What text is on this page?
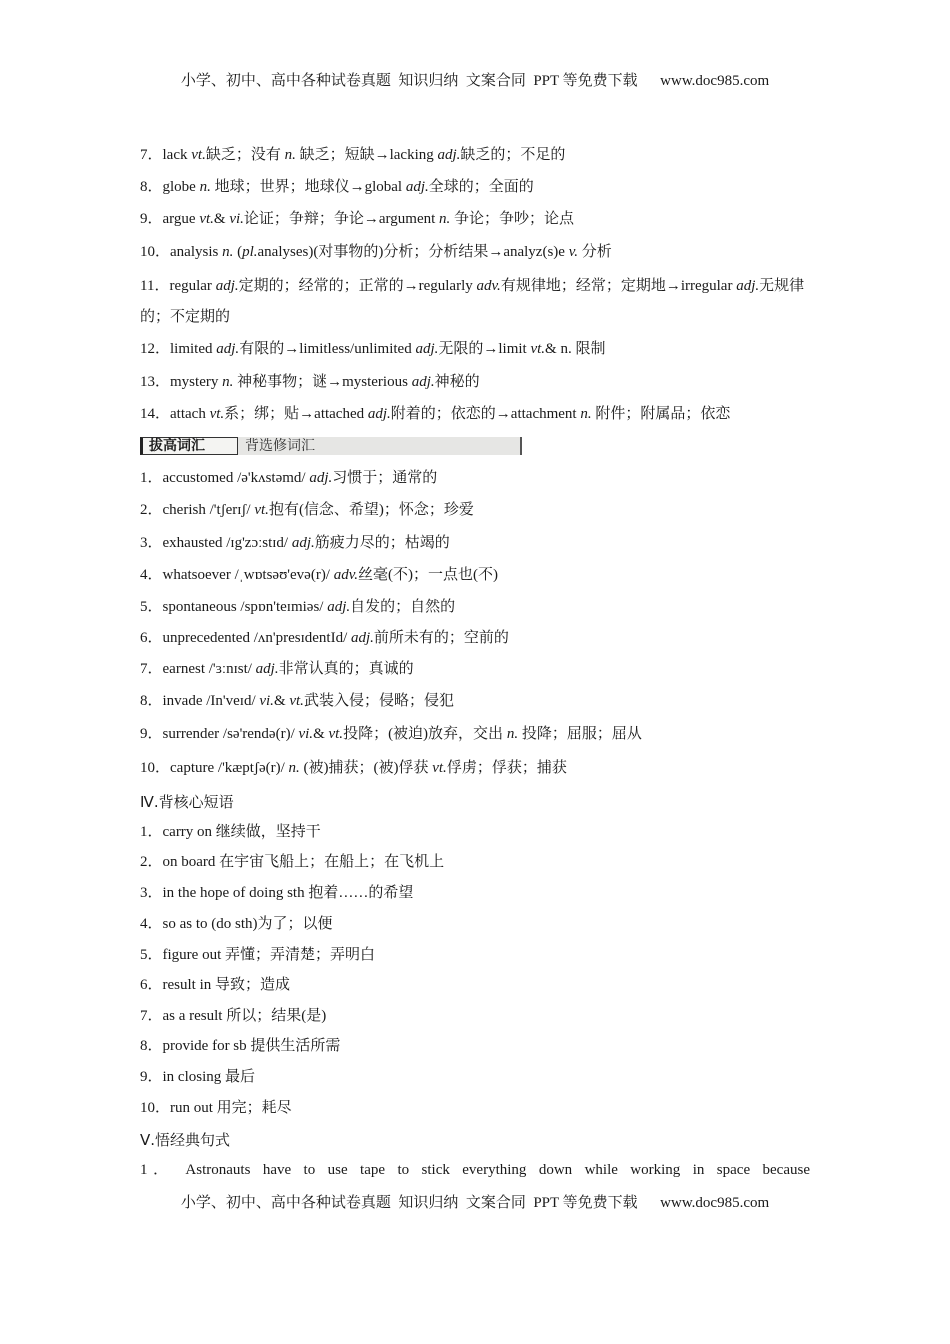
小学、初中、高中各种试卷真题  知识归纳  文案合同  PPT 等免费下载      www.doc985.com
7．lack vt.缺乏；没有 n. 缺乏；短缺→lacking adj.缺乏的；不足的
8．globe n. 地球；世界；地球仪→global adj.全球的；全面的
9．argue vt.& vi.论证；争辩；争论→argument n. 争论；争吵；论点
10．analysis n. (pl.analyses)(对事物的)分析；分析结果→analyz(s)e v. 分析
11．regular adj.定期的；经常的；正常的→regularly adv.有规律地；经常；定期地→irregular adj.无规律的；不定期的
12．limited adj.有限的→limitless/unlimited adj.无限的→limit vt.& n. 限制
13．mystery n. 神秘事物；谜→mysterious adj.神秘的
14．attach vt.系；绑；贴→attached adj.附着的；依恋的→attachment n. 附件；附属品；依恋
拔高词汇	背选修词汇
1．accustomed /ə'kʌstəmd/ adj.习惯于；通常的
2．cherish /'tʃerɪʃ/ vt.抱有(信念、希望)；怀念；珍爱
3．exhausted /ɪg'zɔːstɪd/ adj.筋疲力尽的；枯竭的
4．whatsoever /ˌwɒtsəʊ'evə(r)/ adv.丝毫(不)；一点也(不)
5．spontaneous /spɒn'teɪmiəs/ adj.自发的；自然的
6．unprecedented /ʌn'presɪdentId/ adj.前所未有的；空前的
7．earnest /'ɜːnɪst/ adj.非常认真的；真诚的
8．invade /In'veɪd/ vi.& vt.武装入侵；侵略；侵犯
9．surrender /sə'rendə(r)/ vi.& vt.投降；(被迫)放弃，交出 n. 投降；屈服；屈从
10．capture /'kæptʃə(r)/ n. (被)捕获；(被)俘获 vt.俘虏；俘获；捕获
Ⅳ.背核心短语
1．carry on 继续做，坚持干
2．on board 在宇宙飞船上；在船上；在飞机上
3．in the hope of doing sth 抱着……的希望
4．so as to (do sth)为了；以便
5．figure out 弄懂；弄清楚；弄明白
6．result in 导致；造成
7．as a result 所以；结果(是)
8．provide for sb 提供生活所需
9．in closing 最后
10．run out 用完；耗尽
Ⅴ.悟经典句式
1． Astronauts have to use tape to stick everything down while working in space because
小学、初中、高中各种试卷真题  知识归纳  文案合同  PPT 等免费下载      www.doc985.com
